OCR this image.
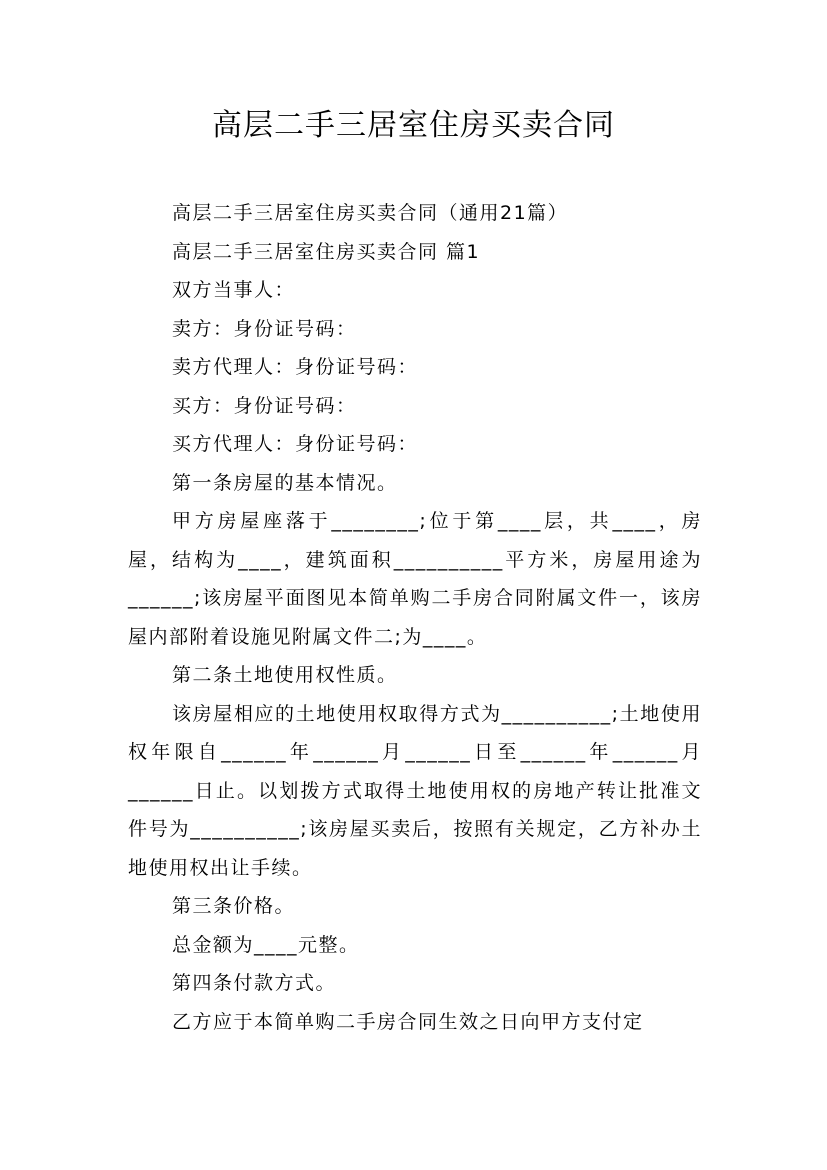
高层二手三居室住房买卖合同

高层二手三居室住房买卖合同（通用21篇）

高层二手三居室住房买卖合同 篇1

双方当事人：

卖方：身份证号码：

卖方代理人：身份证号码：

买方：身份证号码：

买方代理人：身份证号码：

第一条房屋的基本情况。

甲方房屋座落于________;位于第____层，共____，房屋，结构为____，建筑面积__________平方米，房屋用途为______;该房屋平面图见本简单购二手房合同附属文件一，该房屋内部附着设施见附属文件二;为____。

第二条土地使用权性质。

该房屋相应的土地使用权取得方式为__________;土地使用权年限自______年______月______日至______年______月______日止。以划拨方式取得土地使用权的房地产转让批准文件号为__________;该房屋买卖后，按照有关规定，乙方补办土地使用权出让手续。

第三条价格。

总金额为____元整。

第四条付款方式。

乙方应于本简单购二手房合同生效之日向甲方支付定
